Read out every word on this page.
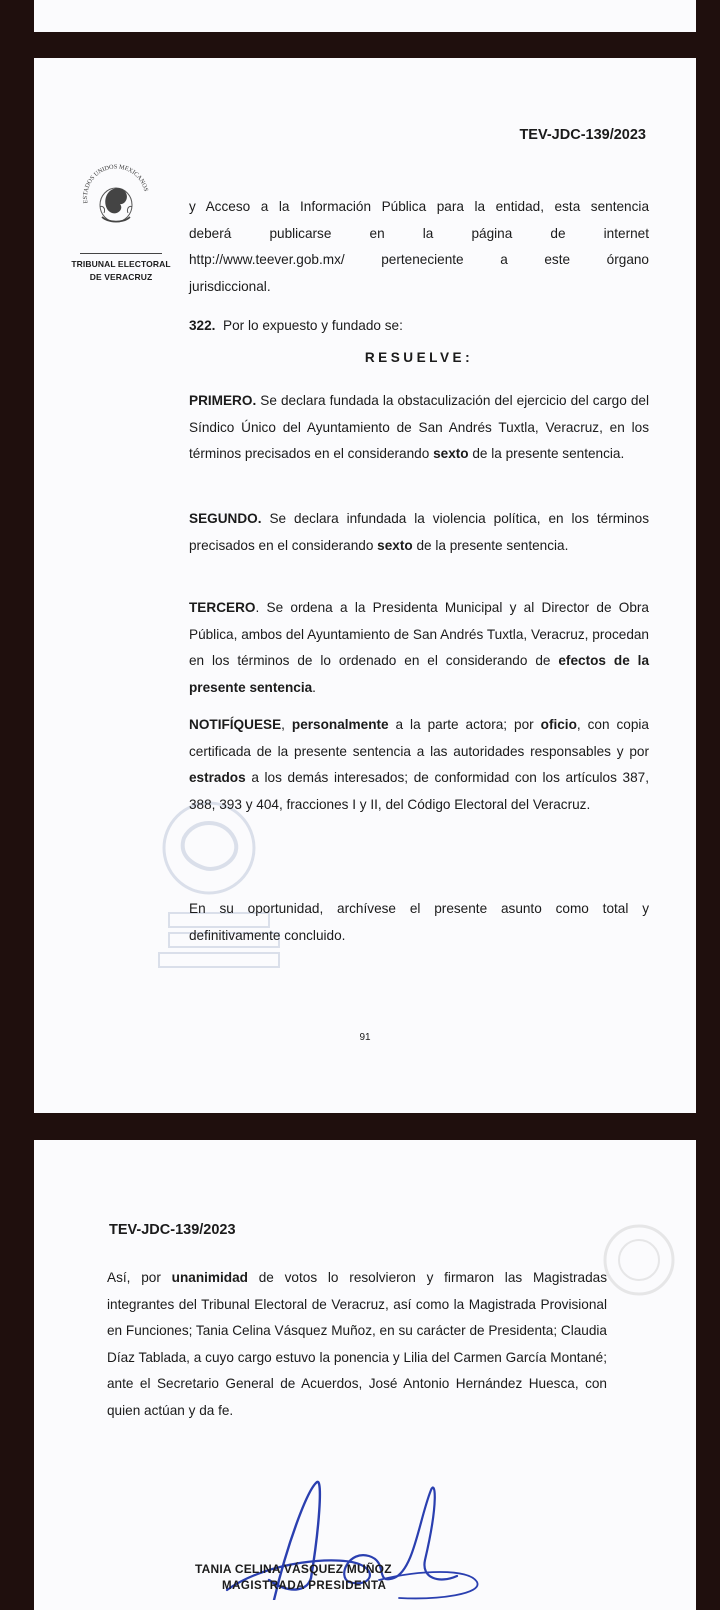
TEV-JDC-139/2023
ESTADOS UNIDOS MEXICANOS
TRIBUNAL ELECTORAL
DE VERACRUZ

y Acceso a la Información Pública para la entidad, esta sentencia

deberá publicarse en la página de internet

http://www.teever.gob.mx/ perteneciente a este órgano

jurisdiccional.

322. Por lo expuesto y fundado se:

RESUELVE:

PRIMERO. Se declara fundada la obstaculización del ejercicio del cargo del Síndico Único del Ayuntamiento de San Andrés Tuxtla, Veracruz, en los términos precisados en el considerando sexto de la presente sentencia.

SEGUNDO. Se declara infundada la violencia política, en los términos precisados en el considerando sexto de la presente sentencia.

TERCERO. Se ordena a la Presidenta Municipal y al Director de Obra Pública, ambos del Ayuntamiento de San Andrés Tuxtla, Veracruz, procedan en los términos de lo ordenado en el considerando de efectos de la presente sentencia.

NOTIFÍQUESE, personalmente a la parte actora; por oficio, con copia certificada de la presente sentencia a las autoridades responsables y por estrados a los demás interesados; de conformidad con los artículos 387, 388, 393 y 404, fracciones I y II, del Código Electoral del Veracruz.

En su oportunidad, archívese el presente asunto como total y definitivamente concluido.

91
TEV-JDC-139/2023

Así, por unanimidad de votos lo resolvieron y firmaron las Magistradas integrantes del Tribunal Electoral de Veracruz, así como la Magistrada Provisional en Funciones; Tania Celina Vásquez Muñoz, en su carácter de Presidenta; Claudia Díaz Tablada, a cuyo cargo estuvo la ponencia y Lilia del Carmen García Montané; ante el Secretario General de Acuerdos, José Antonio Hernández Huesca, con quien actúan y da fe.

TANIA CELINA VÁSQUEZ MUÑOZ
MAGISTRADA PRESIDENTA
